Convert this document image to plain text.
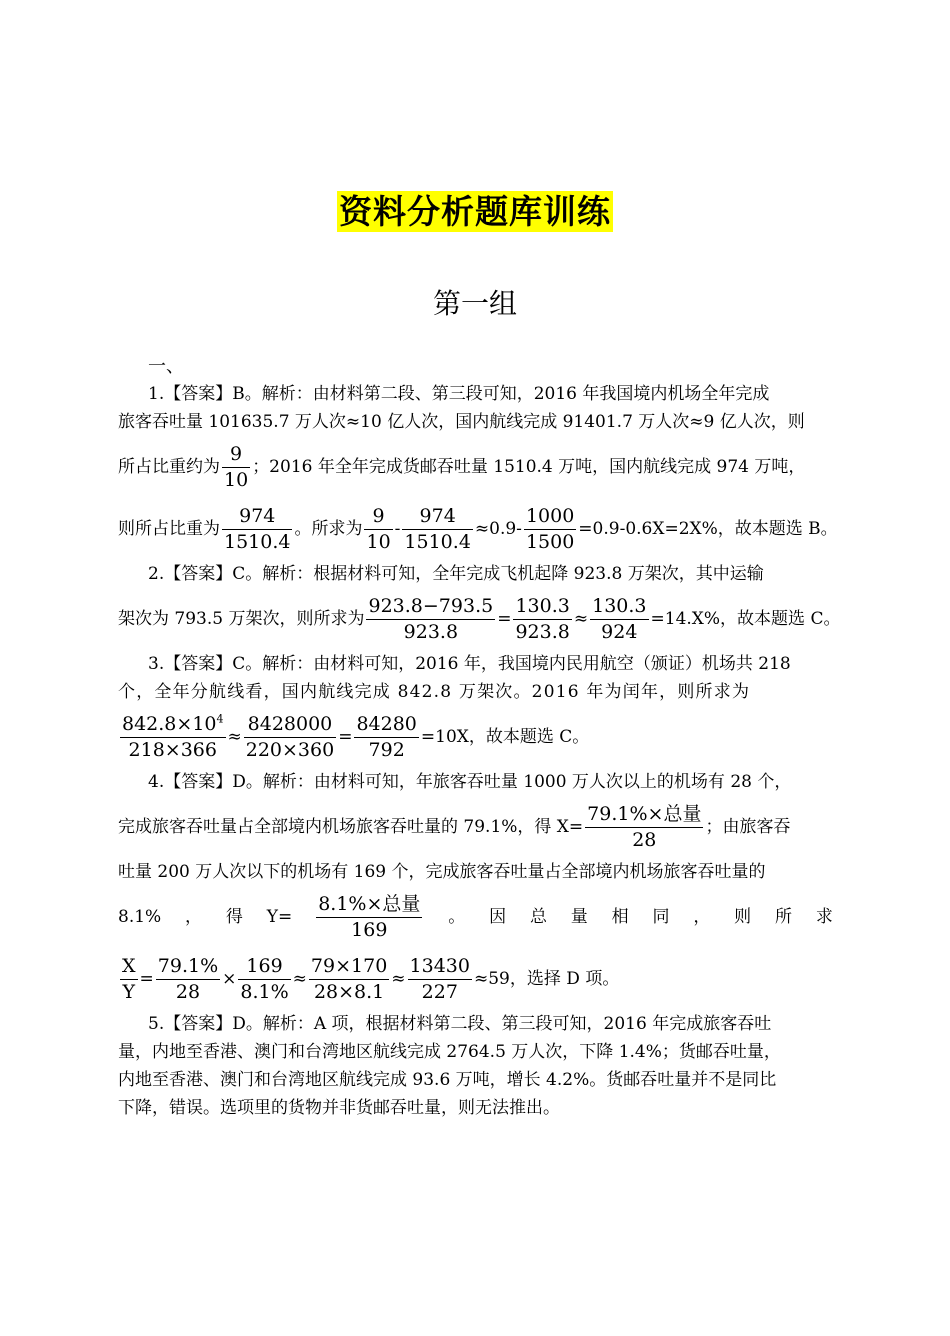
资料分析题库训练
第一组
一、
1.【答案】B。解析：由材料第二段、第三段可知，2016 年我国境内机场全年完成
旅客吞吐量 101635.7 万人次≈10 亿人次，国内航线完成 91401.7 万人次≈9 亿人次，则
所占比重约为 $\frac{9}{10}$ ；2016 年全年完成货邮吞吐量 1510.4 万吨，国内航线完成 974 万吨，
则所占比重为 $\frac{974}{1510.4}$ 。所求为 $\frac{9}{10} - \frac{974}{1510.4} \approx 0.9- \frac{1000}{1500} =0.9-0.6X=2X\%$，故本题选 B。
2.【答案】C。解析：根据材料可知，全年完成飞机起降 923.8 万架次，其中运输
架次为 793.5 万架次，则所求为 $\frac{923.8-793.5}{923.8} = \frac{130.3}{923.8} \approx \frac{130.3}{924} =14.X\%$，故本题选 C。
3.【答案】C。解析：由材料可知，2016 年，我国境内民用航空（颁证）机场共 218
个，全年分航线看，国内航线完成 842.8 万架次。2016 年为闰年，则所求为
$\frac{842.8\times 10^4}{218\times 366} \approx \frac{8428000}{220\times 360} = \frac{84280}{792} =10X$，故本题选 C。
4.【答案】D。解析：由材料可知，年旅客吞吐量 1000 万人次以上的机场有 28 个，
完成旅客吞吐量占全部境内机场旅客吞吐量的 79.1%，得 $X= \frac{\text{79.1\%×总量}}{28}$ ；由旅客吞
吐量 200 万人次以下的机场有 169 个，完成旅客吞吐量占全部境内机场旅客吞吐量的
8.1% ， 得 $Y= \frac{\text{8.1\%×总量}}{169}$ 。 因 总 量 相 同 ， 则 所 求
$\frac{X}{Y} = \frac{79.1\%}{28} \times \frac{169}{8.1\%} \approx \frac{79\times 170}{28\times 8.1} \approx \frac{13430}{227} \approx 59$，选择 D 项。
5.【答案】D。解析：A 项，根据材料第二段、第三段可知，2016 年完成旅客吞吐
量，内地至香港、澳门和台湾地区航线完成 2764.5 万人次，下降 1.4%；货邮吞吐量，
内地至香港、澳门和台湾地区航线完成 93.6 万吨，增长 4.2%。货邮吞吐量并不是同比
下降，错误。选项里的货物并非货邮吞吐量，则无法推出。
